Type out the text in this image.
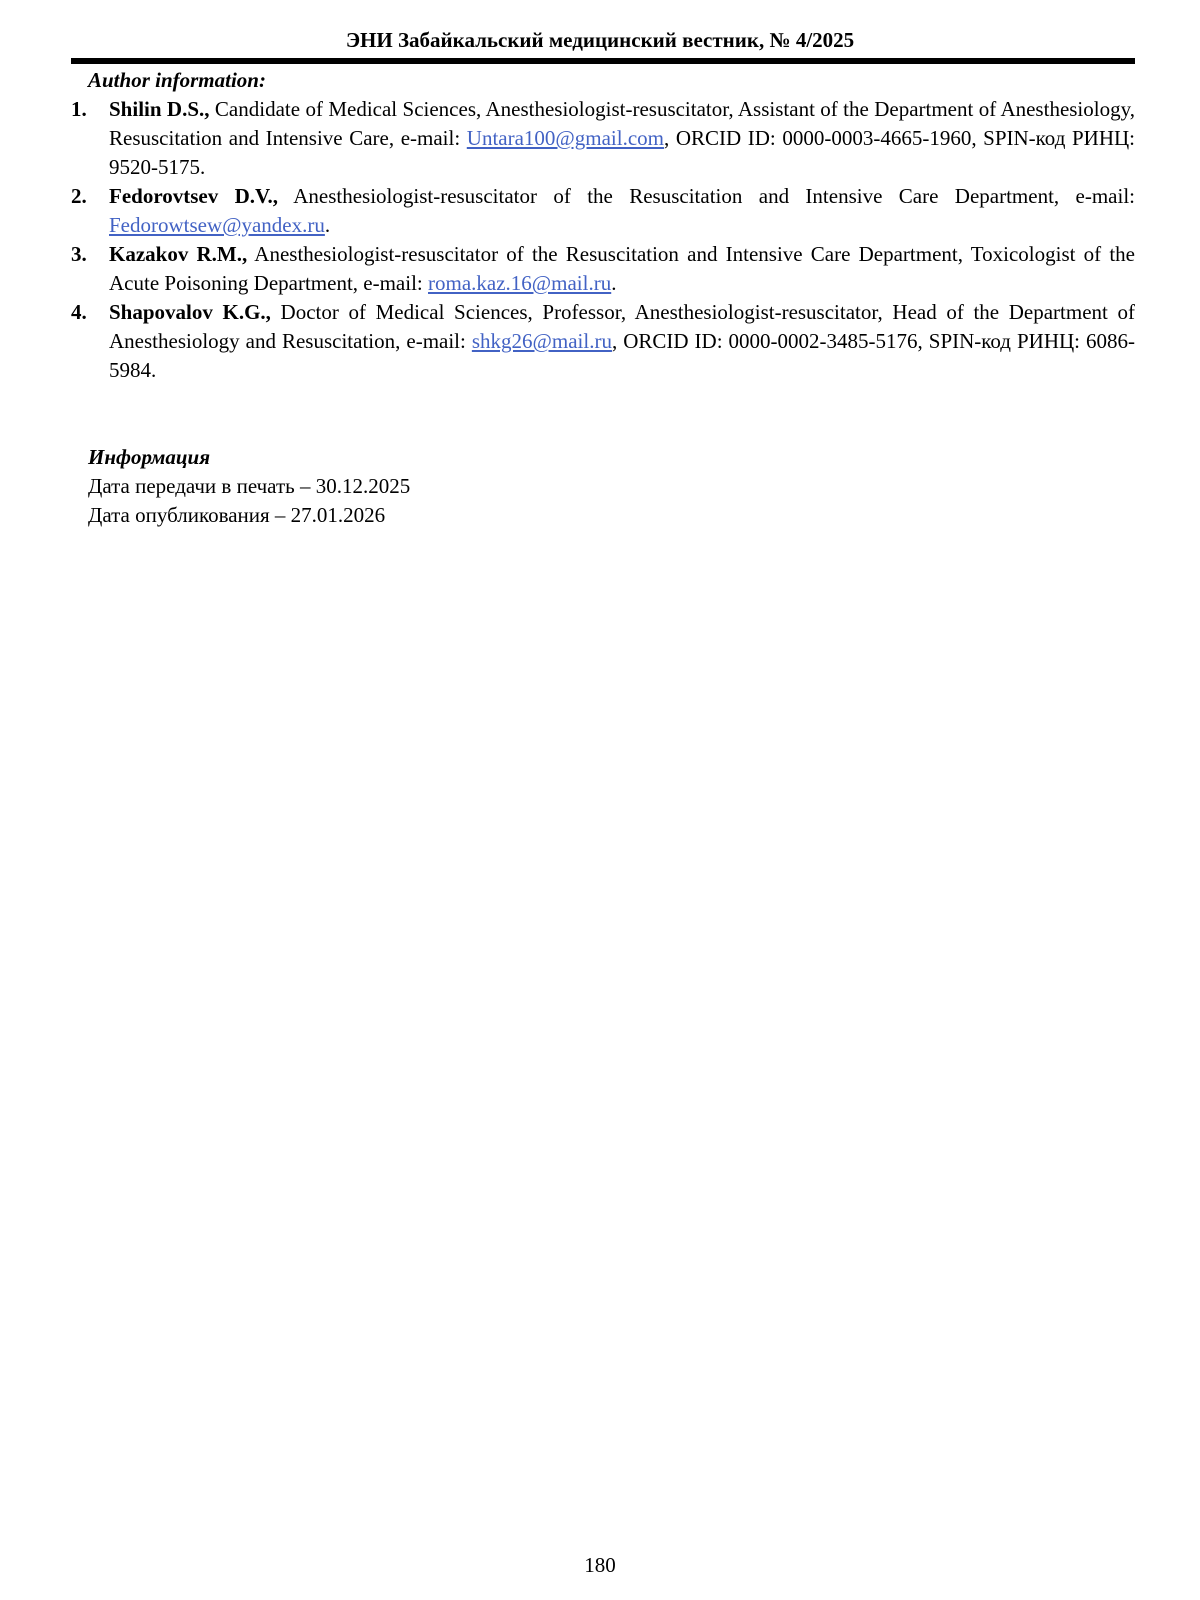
ЭНИ Забайкальский медицинский вестник, № 4/2025
Author information:
1.	Shilin D.S., Candidate of Medical Sciences, Anesthesiologist-resuscitator, Assistant of the Department of Anesthesiology, Resuscitation and Intensive Care, e-mail: Untara100@gmail.com, ORCID ID: 0000-0003-4665-1960, SPIN-код РИНЦ: 9520-5175.
2.	Fedorovtsev D.V., Anesthesiologist-resuscitator of the Resuscitation and Intensive Care Department, e-mail: Fedorowtsew@yandex.ru.
3.	Kazakov R.M., Anesthesiologist-resuscitator of the Resuscitation and Intensive Care Department, Toxicologist of the Acute Poisoning Department, e-mail: roma.kaz.16@mail.ru.
4.	Shapovalov K.G., Doctor of Medical Sciences, Professor, Anesthesiologist-resuscitator, Head of the Department of Anesthesiology and Resuscitation, e-mail: shkg26@mail.ru, ORCID ID: 0000-0002-3485-5176, SPIN-код РИНЦ: 6086-5984.
Информация
Дата передачи в печать – 30.12.2025
Дата опубликования – 27.01.2026
180
